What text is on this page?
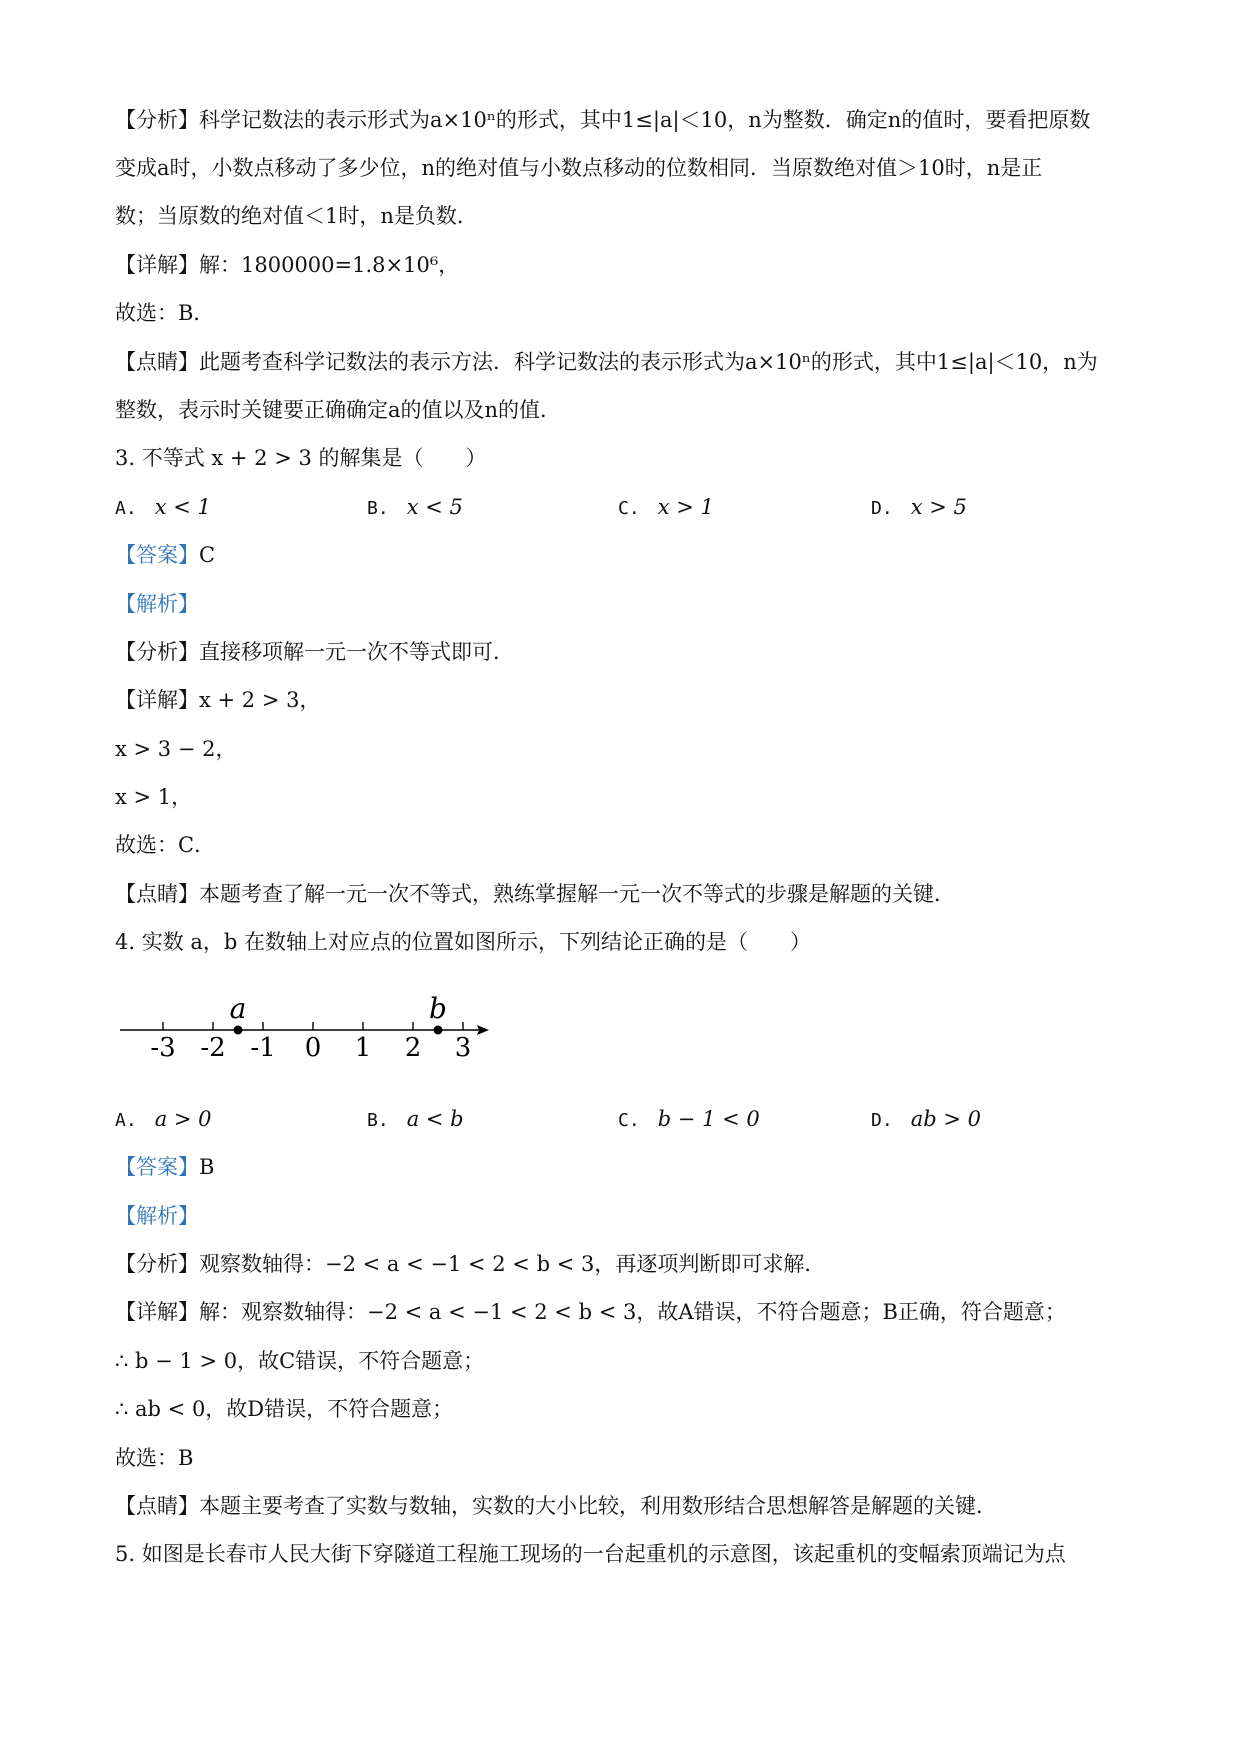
【分析】科学记数法的表示形式为a×10ⁿ的形式，其中1≤|a|＜10，n为整数．确定n的值时，要看把原数
变成a时，小数点移动了多少位，n的绝对值与小数点移动的位数相同．当原数绝对值＞10时，n是正
数；当原数的绝对值＜1时，n是负数．
【详解】解：1800000=1.8×10⁶，
故选：B．
【点睛】此题考查科学记数法的表示方法．科学记数法的表示形式为a×10ⁿ的形式，其中1≤|a|＜10，n为
整数，表示时关键要正确确定a的值以及n的值．
3. 不等式 x + 2 > 3 的解集是（　　）
A. x < 1	B. x < 5	C. x > 1	D. x > 5
【答案】C
【解析】
【分析】直接移项解一元一次不等式即可．
【详解】x + 2 > 3，
x > 3 − 2，
x > 1，
故选：C．
【点睛】本题考查了解一元一次不等式，熟练掌握解一元一次不等式的步骤是解题的关键．
4. 实数 a，b 在数轴上对应点的位置如图所示，下列结论正确的是（　　）
-3 -2 -1 0 1 2 3
a	b
A. a > 0	B. a < b	C. b − 1 < 0	D. ab > 0
【答案】B
【解析】
【分析】观察数轴得：−2 < a < −1 < 2 < b < 3，再逐项判断即可求解．
【详解】解：观察数轴得：−2 < a < −1 < 2 < b < 3，故A错误，不符合题意；B正确，符合题意；
∴ b − 1 > 0，故C错误，不符合题意；
∴ ab < 0，故D错误，不符合题意；
故选：B
【点睛】本题主要考查了实数与数轴，实数的大小比较，利用数形结合思想解答是解题的关键．
5. 如图是长春市人民大街下穿隧道工程施工现场的一台起重机的示意图，该起重机的变幅索顶端记为点
